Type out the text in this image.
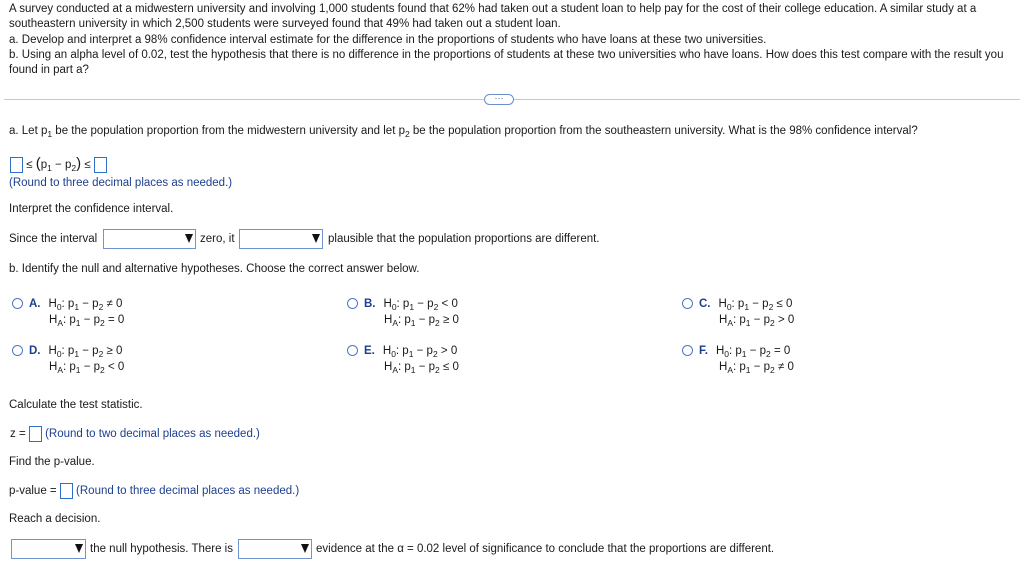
A survey conducted at a midwestern university and involving 1,000 students found that 62% had taken out a student loan to help pay for the cost of their college education. A similar study at a
southeastern university in which 2,500 students were surveyed found that 49% had taken out a student loan.
a. Develop and interpret a 98% confidence interval estimate for the difference in the proportions of students who have loans at these two universities.
b. Using an alpha level of 0.02, test the hypothesis that there is no difference in the proportions of students at these two universities who have loans. How does this test compare with the result you
found in part a?
···
a. Let $p_1$ be the population proportion from the midwestern university and let $p_2$ be the population proportion from the southeastern university. What is the 98% confidence interval?
≤ $(p_1 - p_2)$ ≤
(Round to three decimal places as needed.)
Interpret the confidence interval.
Since the interval	zero, it	plausible that the population proportions are different.
b. Identify the null and alternative hypotheses. Choose the correct answer below.
A. $H_0$: $p_1 - p_2 \ne 0$
$H_A$: $p_1 - p_2 = 0$
B. $H_0$: $p_1 - p_2 < 0$
$H_A$: $p_1 - p_2 \ge 0$
C. $H_0$: $p_1 - p_2 \le 0$
$H_A$: $p_1 - p_2 > 0$
D. $H_0$: $p_1 - p_2 \ge 0$
$H_A$: $p_1 - p_2 < 0$
E. $H_0$: $p_1 - p_2 > 0$
$H_A$: $p_1 - p_2 \le 0$
F. $H_0$: $p_1 - p_2 = 0$
$H_A$: $p_1 - p_2 \ne 0$
Calculate the test statistic.
z = (Round to two decimal places as needed.)
Find the p-value.
p-value = (Round to three decimal places as needed.)
Reach a decision.
the null hypothesis. There is	evidence at the α = 0.02 level of significance to conclude that the proportions are different.
